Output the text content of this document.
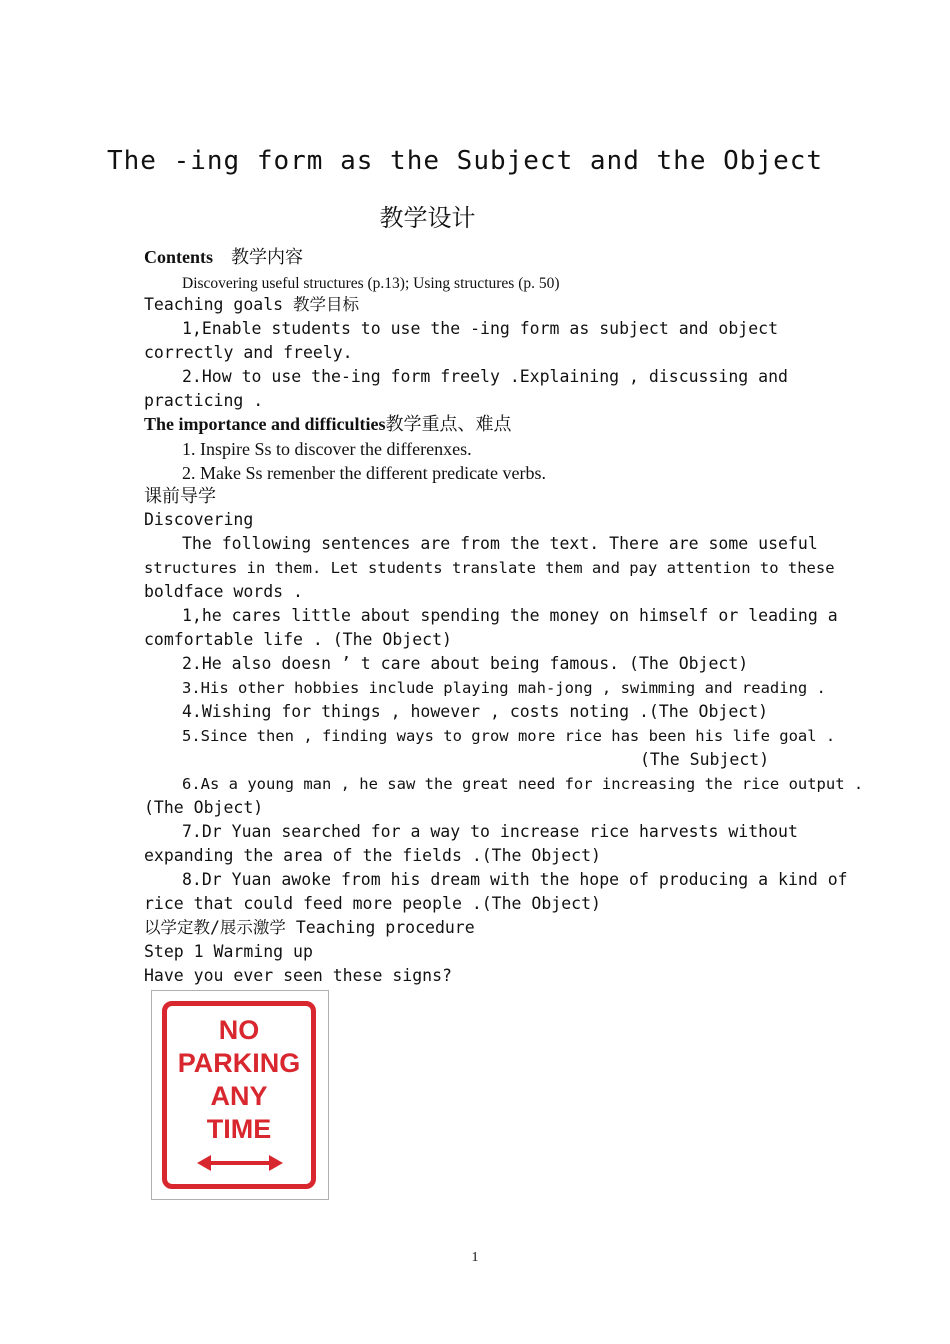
The -ing form as the Subject and the Object
教学设计
Contents 教学内容
Discovering useful structures (p.13); Using structures (p. 50)
Teaching goals 教学目标
1,Enable students to use the -ing form as subject and object
correctly and freely.
2.How to use the-ing form freely .Explaining , discussing and
practicing .
The importance and difficulties教学重点、难点
1. Inspire Ss to discover the differenxes.
2. Make Ss remenber the different predicate verbs.
课前导学
Discovering
The following sentences are from the text. There are some useful
structures in them. Let students translate them and pay attention to these
boldface words .
1,he cares little about spending the money on himself or leading a
comfortable life . (The Object)
2.He also doesn ’ t care about being famous. (The Object)
3.His other hobbies include playing mah-jong , swimming and reading .
4.Wishing for things , however , costs noting .(The Object)
5.Since then , finding ways to grow more rice has been his life goal .
(The Subject)
6.As a young man , he saw the great need for increasing the rice output .
(The Object)
7.Dr Yuan searched for a way to increase rice harvests without
expanding the area of the fields .(The Object)
8.Dr Yuan awoke from his dream with the hope of producing a kind of
rice that could feed more people .(The Object)
以学定教/展示激学 Teaching procedure
Step 1 Warming up
Have you ever seen these signs?
NO
PARKING
ANY
TIME
1
